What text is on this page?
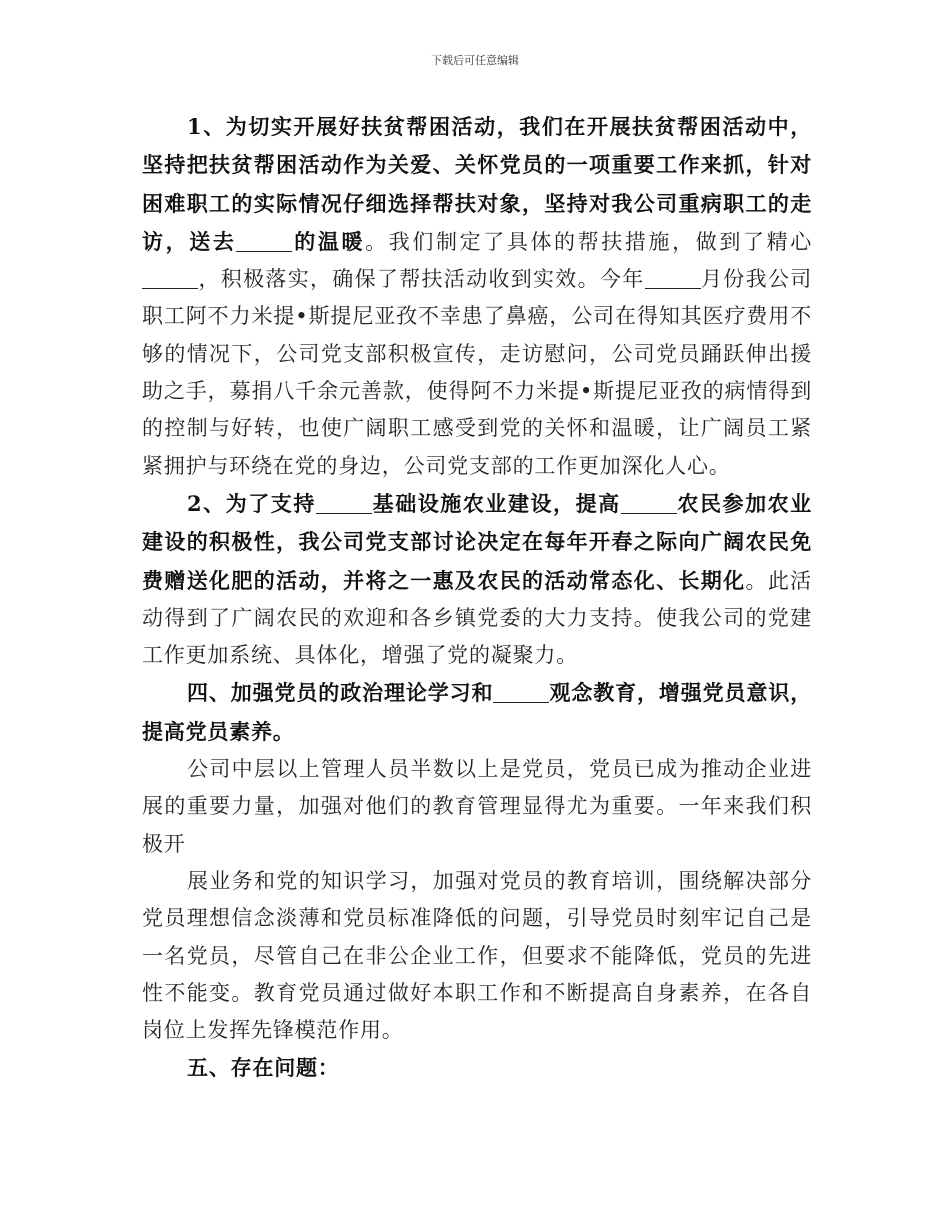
下载后可任意编辑

1、为切实开展好扶贫帮困活动，我们在开展扶贫帮困活动中，坚持把扶贫帮困活动作为关爱、关怀党员的一项重要工作来抓，针对困难职工的实际情况仔细选择帮扶对象，坚持对我公司重病职工的走访，送去	的温暖。我们制定了具体的帮扶措施，做到了精心，积极落实，确保了帮扶活动收到实效。今年	月份我公司职工阿不力米提•斯提尼亚孜不幸患了鼻癌，公司在得知其医疗费用不够的情况下，公司党支部积极宣传，走访慰问，公司党员踊跃伸出援助之手，募捐八千余元善款，使得阿不力米提•斯提尼亚孜的病情得到的控制与好转，也使广阔职工感受到党的关怀和温暖，让广阔员工紧紧拥护与环绕在党的身边，公司党支部的工作更加深化人心。

2、为了支持	基础设施农业建设，提高	农民参加农业建设的积极性，我公司党支部讨论决定在每年开春之际向广阔农民免费赠送化肥的活动，并将之一惠及农民的活动常态化、长期化。此活动得到了广阔农民的欢迎和各乡镇党委的大力支持。使我公司的党建工作更加系统、具体化，增强了党的凝聚力。

四、加强党员的政治理论学习和	观念教育，增强党员意识，提高党员素养。

公司中层以上管理人员半数以上是党员，党员已成为推动企业进展的重要力量，加强对他们的教育管理显得尤为重要。一年来我们积极开

展业务和党的知识学习，加强对党员的教育培训，围绕解决部分党员理想信念淡薄和党员标准降低的问题，引导党员时刻牢记自己是一名党员，尽管自己在非公企业工作，但要求不能降低，党员的先进性不能变。教育党员通过做好本职工作和不断提高自身素养，在各自岗位上发挥先锋模范作用。

五、存在问题：
